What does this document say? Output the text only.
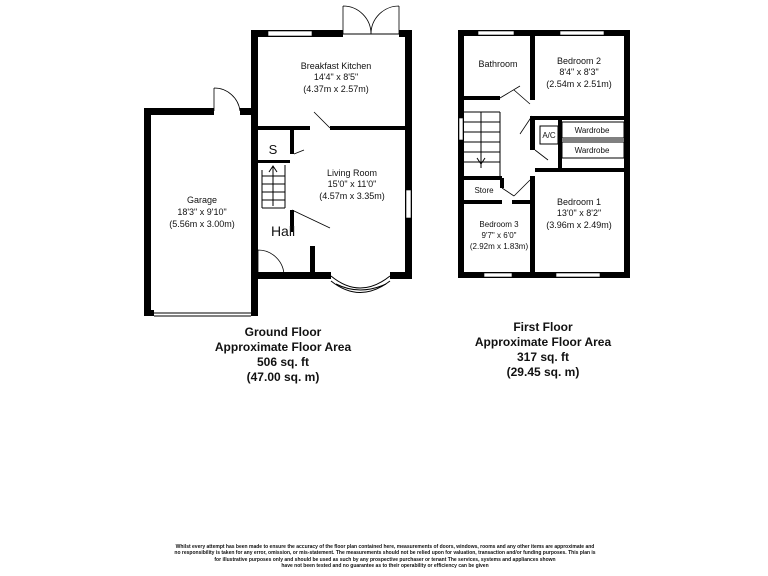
Breakfast Kitchen
14'4" x 8'5"
(4.37m x 2.57m)
Living Room
15'0" x 11'0"
(4.57m x 3.35m)
Garage
18'3" x 9'10"
(5.56m x 3.00m)	Hall
S
Bathroom	Bedroom 2
8'4" x 8'3"
(2.54m x 2.51m)
A/C
Wardrobe
Wardrobe
Store
Bedroom 1
13'0" x 8'2"
(3.96m x 2.49m)
Bedroom 3
9'7" x 6'0"
(2.92m x 1.83m)
Ground Floor
Approximate Floor Area
506 sq. ft
(47.00 sq. m)
First Floor
Approximate Floor Area
317 sq. ft
(29.45 sq. m)
Whilst every attempt has been made to ensure the accuracy of the floor plan contained here, measurements of doors, windows, rooms and any other items are approximate and
no responsibility is taken for any error, omission, or mis-statement. The measurements should not be relied upon for valuation, transaction and/or funding purposes. This plan is
for illustrative purposes only and should be used as such by any prospective purchaser or tenant The services, systems and appliances shown
have not been tested and no guarantee as to their operability or efficiency can be given
